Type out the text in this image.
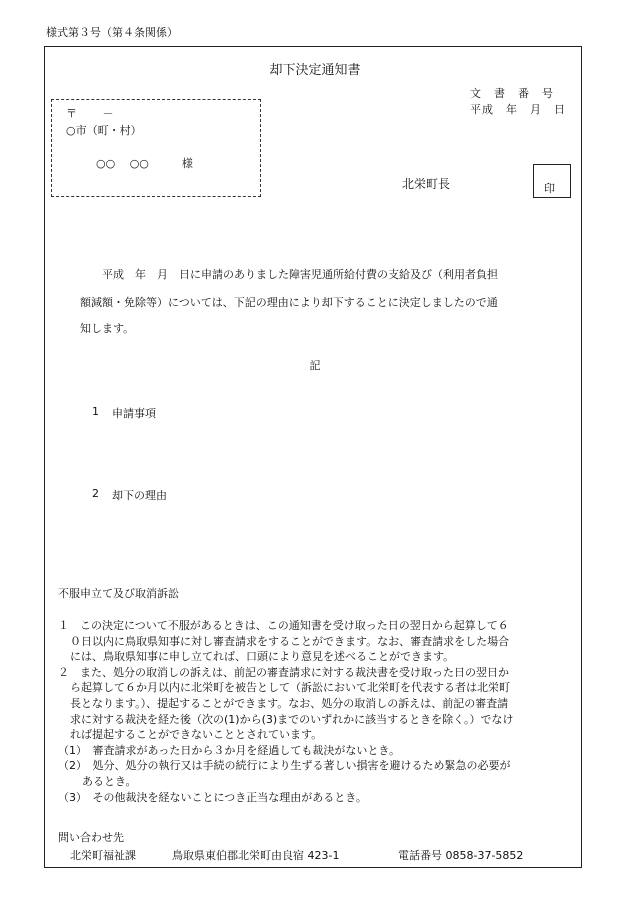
様式第３号（第４条関係）
却下決定通知書
文　書　番　号
平成　年　月　日
〒　　 －
○市（町・村）
○○　 ○○　　　様
北栄町長	印
　　平成　年　月　日に申請のありました障害児通所給付費の支給及び（利用者負担
額減額・免除等）については、下記の理由により却下することに決定しましたので通
知します。
記
1 申請事項
2 却下の理由
不服申立て及び取消訴訟
１　この決定について不服があるときは、この通知書を受け取った日の翌日から起算して６
０日以内に鳥取県知事に対し審査請求をすることができます。なお、審査請求をした場合
には、鳥取県知事に申し立てれば、口頭により意見を述べることができます。
２　また、処分の取消しの訴えは、前記の審査請求に対する裁決書を受け取った日の翌日か
ら起算して６か月以内に北栄町を被告として（訴訟において北栄町を代表する者は北栄町
長となります。）、提起することができます。なお、処分の取消しの訴えは、前記の審査請
求に対する裁決を経た後（次の(1)から(3)までのいずれかに該当するときを除く。）でなけ
れば提起することができないこととされています。
（1）　審査請求があった日から３か月を経過しても裁決がないとき。
（2）　処分、処分の執行又は手続の続行により生ずる著しい損害を避けるため緊急の必要が
あるとき。
（3）　その他裁決を経ないことにつき正当な理由があるとき。
問い合わせ先
北栄町福祉課	鳥取県東伯郡北栄町由良宿 423-1	電話番号 0858-37-5852
